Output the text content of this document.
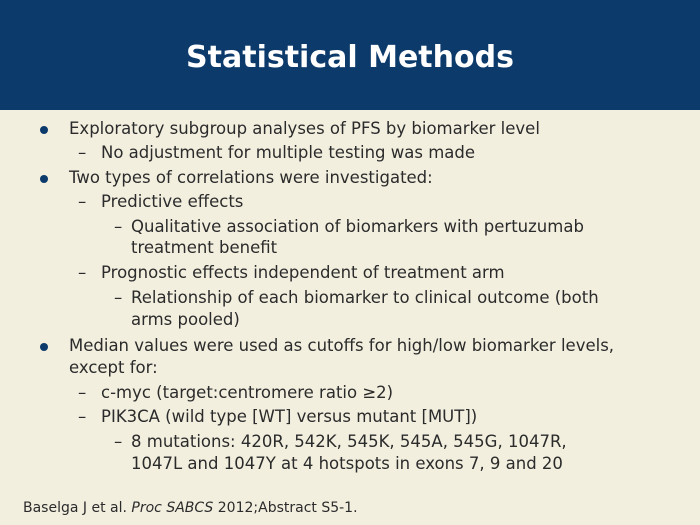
Statistical Methods
Exploratory subgroup analyses of PFS by biomarker level
– No adjustment for multiple testing was made
Two types of correlations were investigated:
– Predictive effects
– Qualitative association of biomarkers with pertuzumab
treatment benefit
– Prognostic effects independent of treatment arm
– Relationship of each biomarker to clinical outcome (both
arms pooled)
Median values were used as cutoffs for high/low biomarker levels,
except for:
– c-myc (target:centromere ratio ≥2)
– PIK3CA (wild type [WT] versus mutant [MUT])
– 8 mutations: 420R, 542K, 545K, 545A, 545G, 1047R,
1047L and 1047Y at 4 hotspots in exons 7, 9 and 20
Baselga J et al. Proc SABCS 2012;Abstract S5-1.
